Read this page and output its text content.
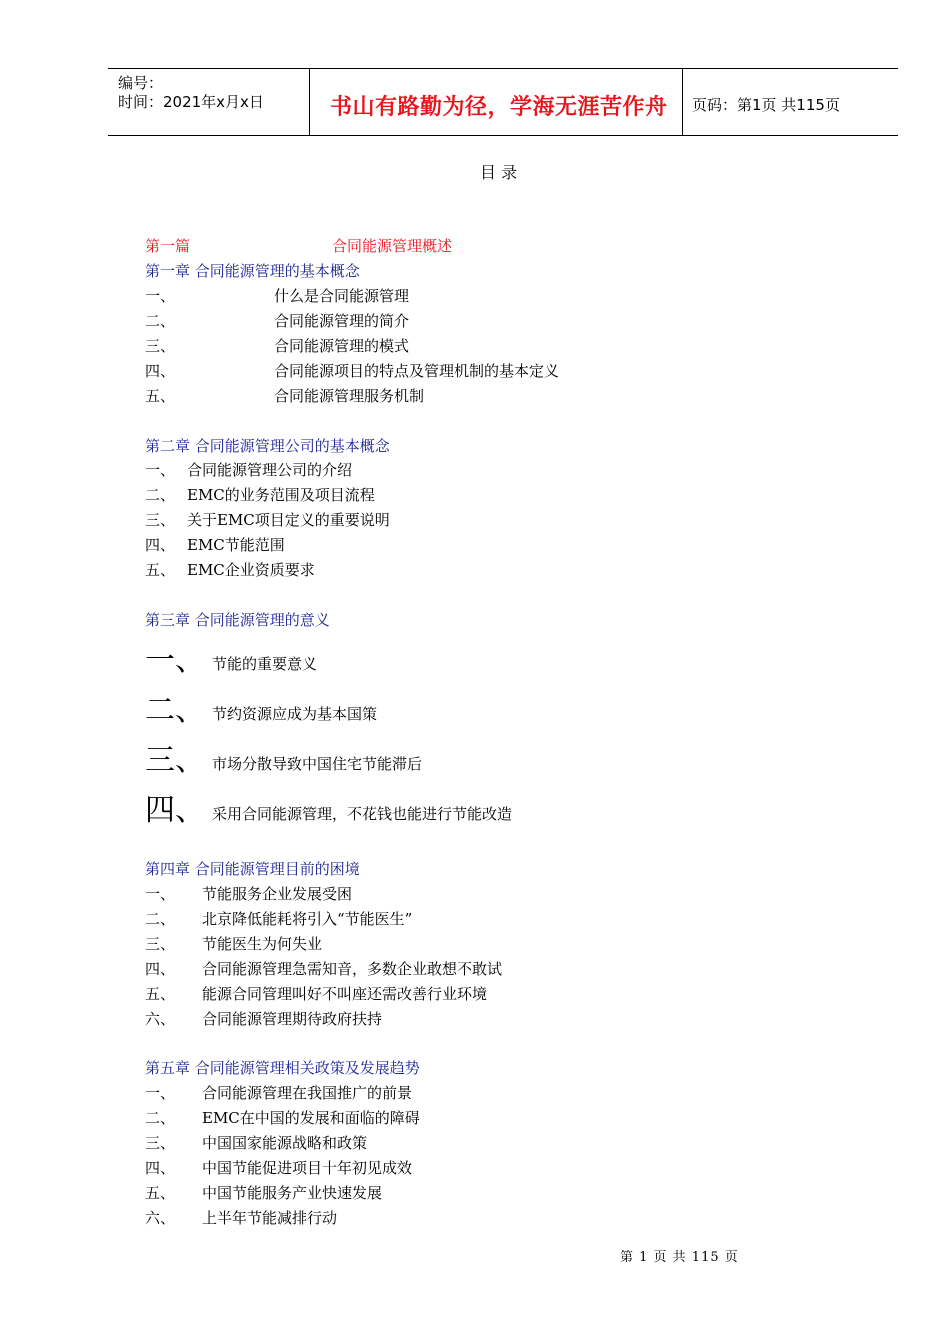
编号：
时间：2021年x月x日	书山有路勤为径，学海无涯苦作舟 页码：第1页 共115页
目 录
第一篇	合同能源管理概述
第一章 合同能源管理的基本概念
一、	什么是合同能源管理
二、	合同能源管理的简介
三、	合同能源管理的模式
四、	合同能源项目的特点及管理机制的基本定义
五、	合同能源管理服务机制
第二章 合同能源管理公司的基本概念
一、 合同能源管理公司的介绍
二、 EMC的业务范围及项目流程
三、 关于EMC项目定义的重要说明
四、 EMC节能范围
五、 EMC企业资质要求
第三章 合同能源管理的意义
一、 节能的重要意义
二、 节约资源应成为基本国策
三、 市场分散导致中国住宅节能滞后
四、 采用合同能源管理，不花钱也能进行节能改造
第四章 合同能源管理目前的困境
一、 节能服务企业发展受困
二、 北京降低能耗将引入“节能医生”
三、 节能医生为何失业
四、 合同能源管理急需知音，多数企业敢想不敢试
五、 能源合同管理叫好不叫座还需改善行业环境
六、 合同能源管理期待政府扶持
第五章 合同能源管理相关政策及发展趋势
一、 合同能源管理在我国推广的前景
二、 EMC在中国的发展和面临的障碍
三、 中国国家能源战略和政策
四、 中国节能促进项目十年初见成效
五、 中国节能服务产业快速发展
六、 上半年节能减排行动
第 1 页 共 115 页
